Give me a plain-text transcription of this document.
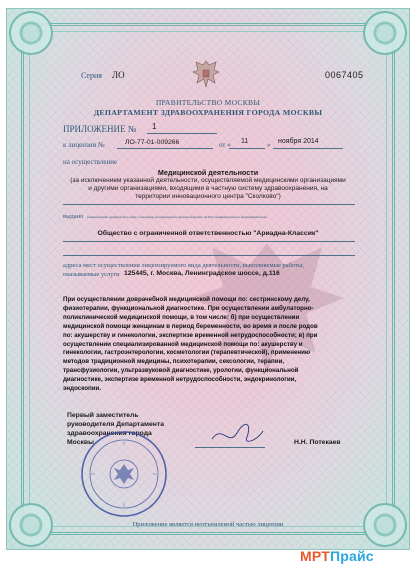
Серия ЛО	0067405
ПРАВИТЕЛЬСТВО МОСКВЫ
ДЕПАРТАМЕНТ ЗДРАВООХРАНЕНИЯ ГОРОДА МОСКВЫ
ПРИЛОЖЕНИЕ № 1
к лицензии №	ЛО-77-01-009266	от « 11	» ноября 2014
на осуществление
Медицинской деятельности
(за исключением указанной деятельности, осуществляемой медицинскими организациями
и другими организациями, входящими в частную систему здравоохранения, на
территории инновационного центра "Сколково")
выдано (наименование юридического лица с указанием организационно-правовой формы / Ф.И.О. индивидуального предпринимателя)
Общество с ограниченной ответственностью "Ариадна-Классик"
адреса мест осуществления лицензируемого вида деятельности, выполняемые работы,
оказываемые услуги 125445, г. Москва, Ленинградское шоссе, д.116
При осуществлении доврачебной медицинской помощи по: сестринскому делу,
физиотерапии, функциональной диагностике. При осуществлении амбулаторно-
поликлинической медицинской помощи, в том числе: б) при осуществлении
медицинской помощи женщинам в период беременности, во время и после родов
по: акушерству и гинекологии, экспертизе временной нетрудоспособности; в) при
осуществлении специализированной медицинской помощи по: акушерству и
гинекологии, гастроэнтерологии, косметологии (терапевтической), применению
методов традиционной медицины, психотерапии, сексологии, терапии,
трансфузиологии, ультразвуковой диагностике, урологии, функциональной
диагностике, экспертизе временной нетрудоспособности, эндокринологии,
эндоскопии.
Первый заместитель
руководителя Департамента
здравоохранения города
Москвы	Н.Н. Потекаев
Приложение является неотъемлемой частью лицензии
МРТПрайс
